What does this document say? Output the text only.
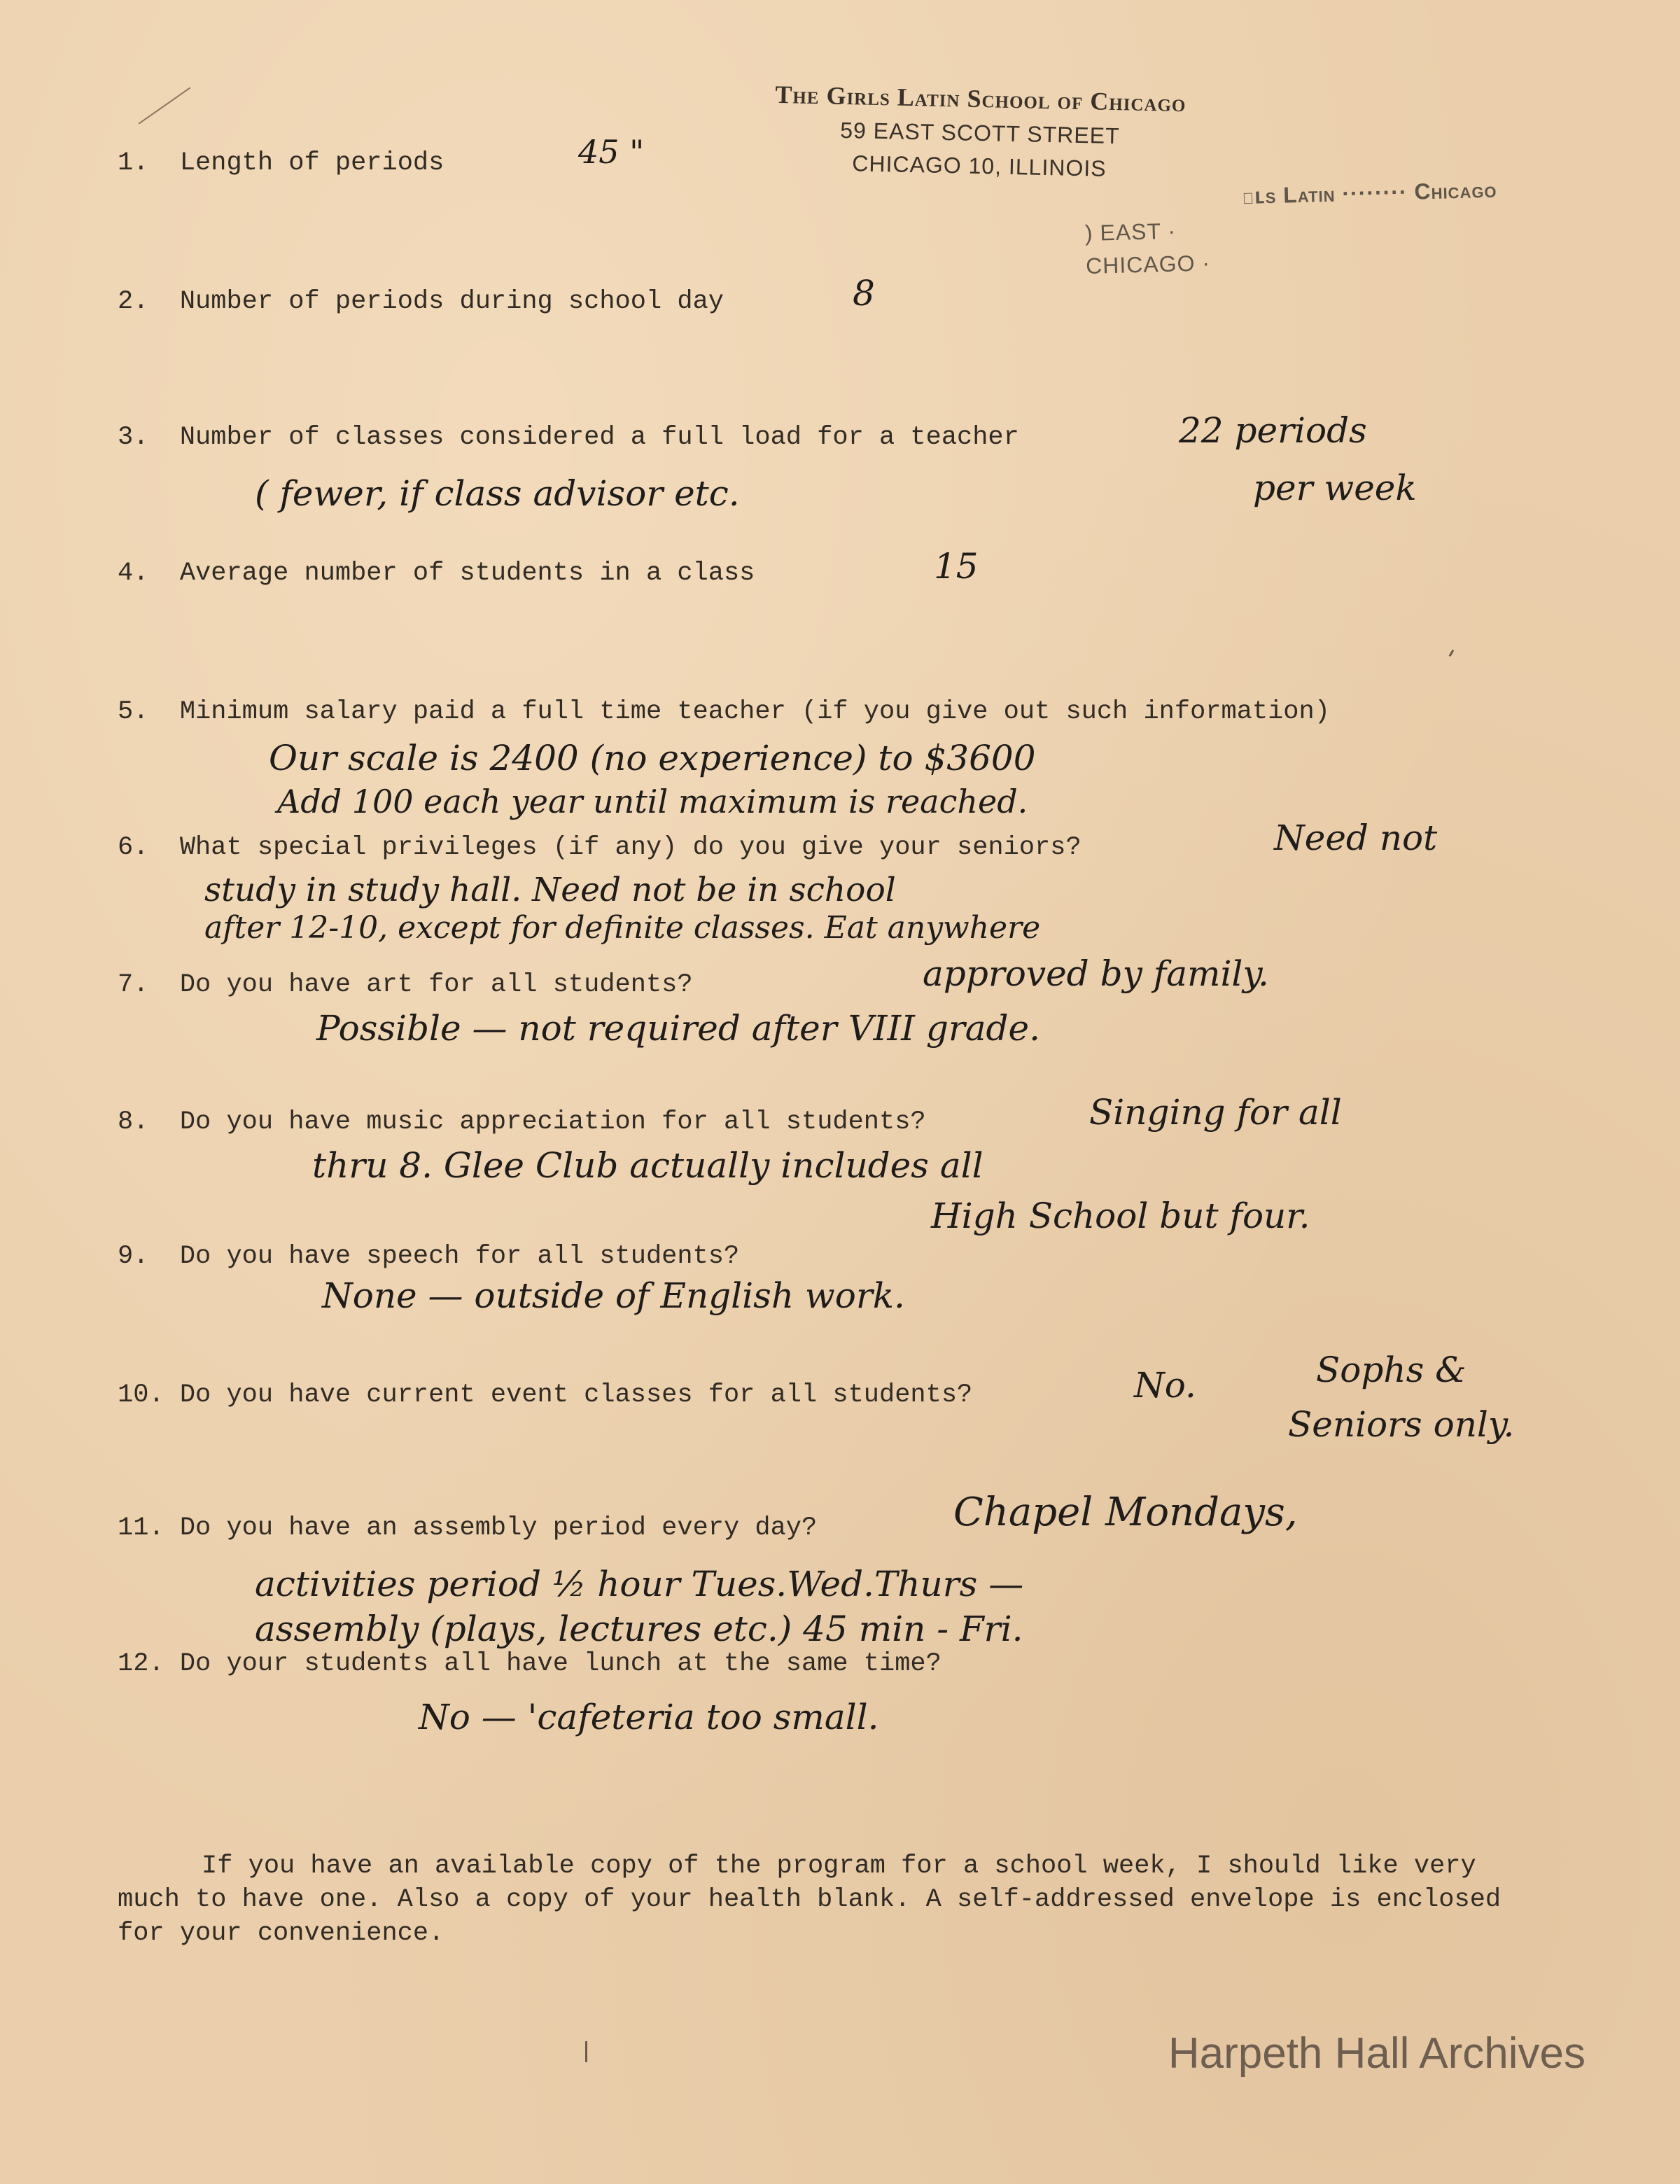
The Girls Latin School of Chicago
59 EAST SCOTT STREET
CHICAGO 10, ILLINOIS
ɪʟs Latin ········ Chicago
) EAST ·
CHICAGO ·
1. Length of periods	45 "
2. Number of periods during school day	8
3. Number of classes considered a full load for a teacher	22 periods
per week
( fewer, if class advisor etc.
4. Average number of students in a class	15
5. Minimum salary paid a full time teacher (if you give out such information)
Our scale is 2400 (no experience) to $3600
Add 100 each year until maximum is reached.
6. What special privileges (if any) do you give your seniors?	Need not
study in study hall. Need not be in school
after 12-10, except for definite classes. Eat anywhere
7. Do you have art for all students?	approved by family.
Possible — not required after VIII grade.
8. Do you have music appreciation for all students?	Singing for all
thru 8. Glee Club actually includes all
High School but four.
9. Do you have speech for all students?
None — outside of English work.
10. Do you have current event classes for all students?	No.	Sophs &
Seniors only.
11. Do you have an assembly period every day?	Chapel Mondays,
activities period ½ hour Tues.Wed.Thurs —
assembly (plays, lectures etc.) 45 min - Fri.
12. Do your students all have lunch at the same time?
No — 'cafeteria too small.

If you have an available copy of the program for a school week, I should like very much to have one. Also a copy of your health blank. A self-addressed envelope is enclosed for your convenience.

Harpeth Hall Archives
